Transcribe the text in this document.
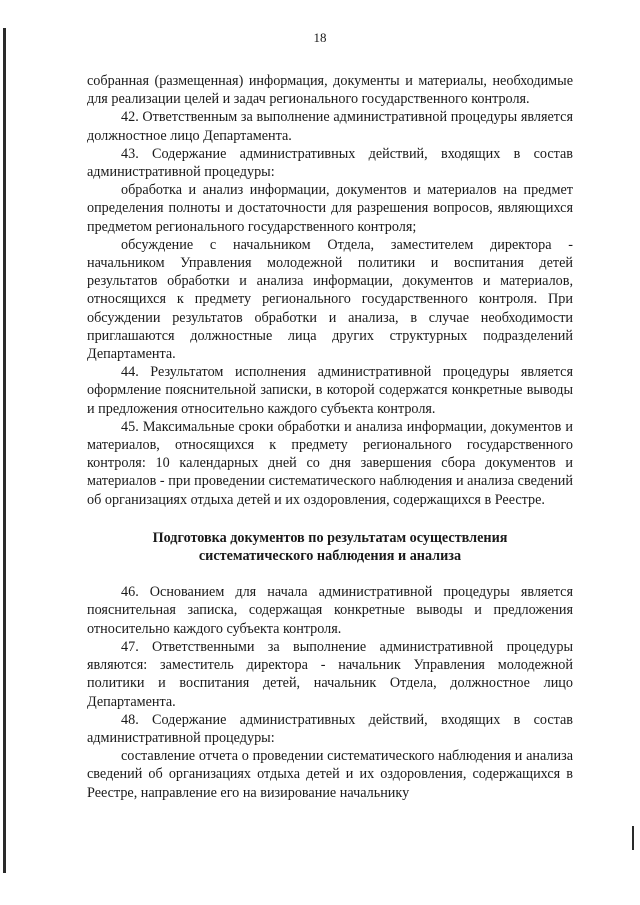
18

собранная (размещенная) информация, документы и материалы, необходимые для реализации целей и задач регионального государственного контроля.

42. Ответственным за выполнение административной процедуры является должностное лицо Департамента.

43. Содержание административных действий, входящих в состав административной процедуры:

обработка и анализ информации, документов и материалов на предмет определения полноты и достаточности для разрешения вопросов, являющихся предметом регионального государственного контроля;

обсуждение с начальником Отдела, заместителем директора - начальником Управления молодежной политики и воспитания детей результатов обработки и анализа информации, документов и материалов, относящихся к предмету регионального государственного контроля. При обсуждении результатов обработки и анализа, в случае необходимости приглашаются должностные лица других структурных подразделений Департамента.

44. Результатом исполнения административной процедуры является оформление пояснительной записки, в которой содержатся конкретные выводы и предложения относительно каждого субъекта контроля.

45. Максимальные сроки обработки и анализа информации, документов и материалов, относящихся к предмету регионального государственного контроля: 10 календарных дней со дня завершения сбора документов и материалов - при проведении систематического наблюдения и анализа сведений об организациях отдыха детей и их оздоровления, содержащихся в Реестре.

Подготовка документов по результатам осуществления
систематического наблюдения и анализа

46. Основанием для начала административной процедуры является пояснительная записка, содержащая конкретные выводы и предложения относительно каждого субъекта контроля.

47. Ответственными за выполнение административной процедуры являются: заместитель директора - начальник Управления молодежной политики и воспитания детей, начальник Отдела, должностное лицо Департамента.

48. Содержание административных действий, входящих в состав административной процедуры:

составление отчета о проведении систематического наблюдения и анализа сведений об организациях отдыха детей и их оздоровления, содержащихся в Реестре, направление его на визирование начальнику
